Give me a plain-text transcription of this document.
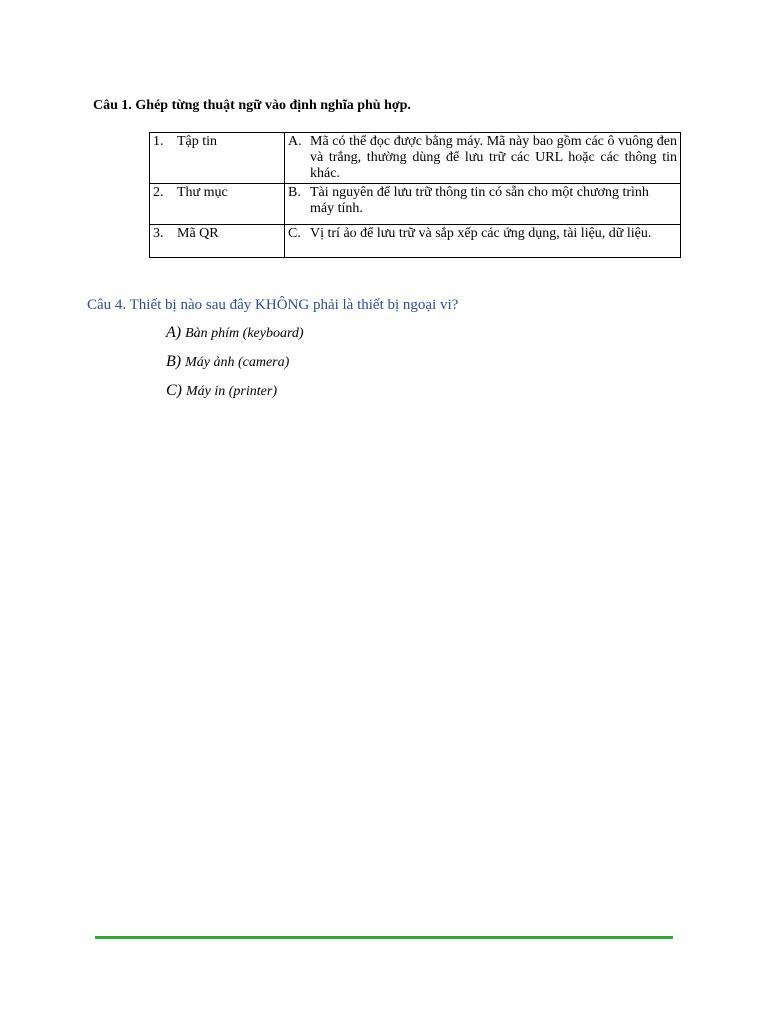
Câu 1. Ghép từng thuật ngữ vào định nghĩa phù hợp.
1. Tập tin	A. Mã có thể đọc được bằng máy. Mã này bao gồm các ô vuông đen và trắng, thường dùng để lưu trữ các URL hoặc các thông tin khác.

2. Thư mục	B. Tài nguyên để lưu trữ thông tin có sẵn cho một chương trình máy tính.

3. Mã QR	C. Vị trí ảo để lưu trữ và sắp xếp các ứng dụng, tài liệu, dữ liệu.
Câu 4. Thiết bị nào sau đây KHÔNG phải là thiết bị ngoại vi?
A) Bàn phím (keyboard)
B) Máy ảnh (camera)
C) Máy in (printer)
